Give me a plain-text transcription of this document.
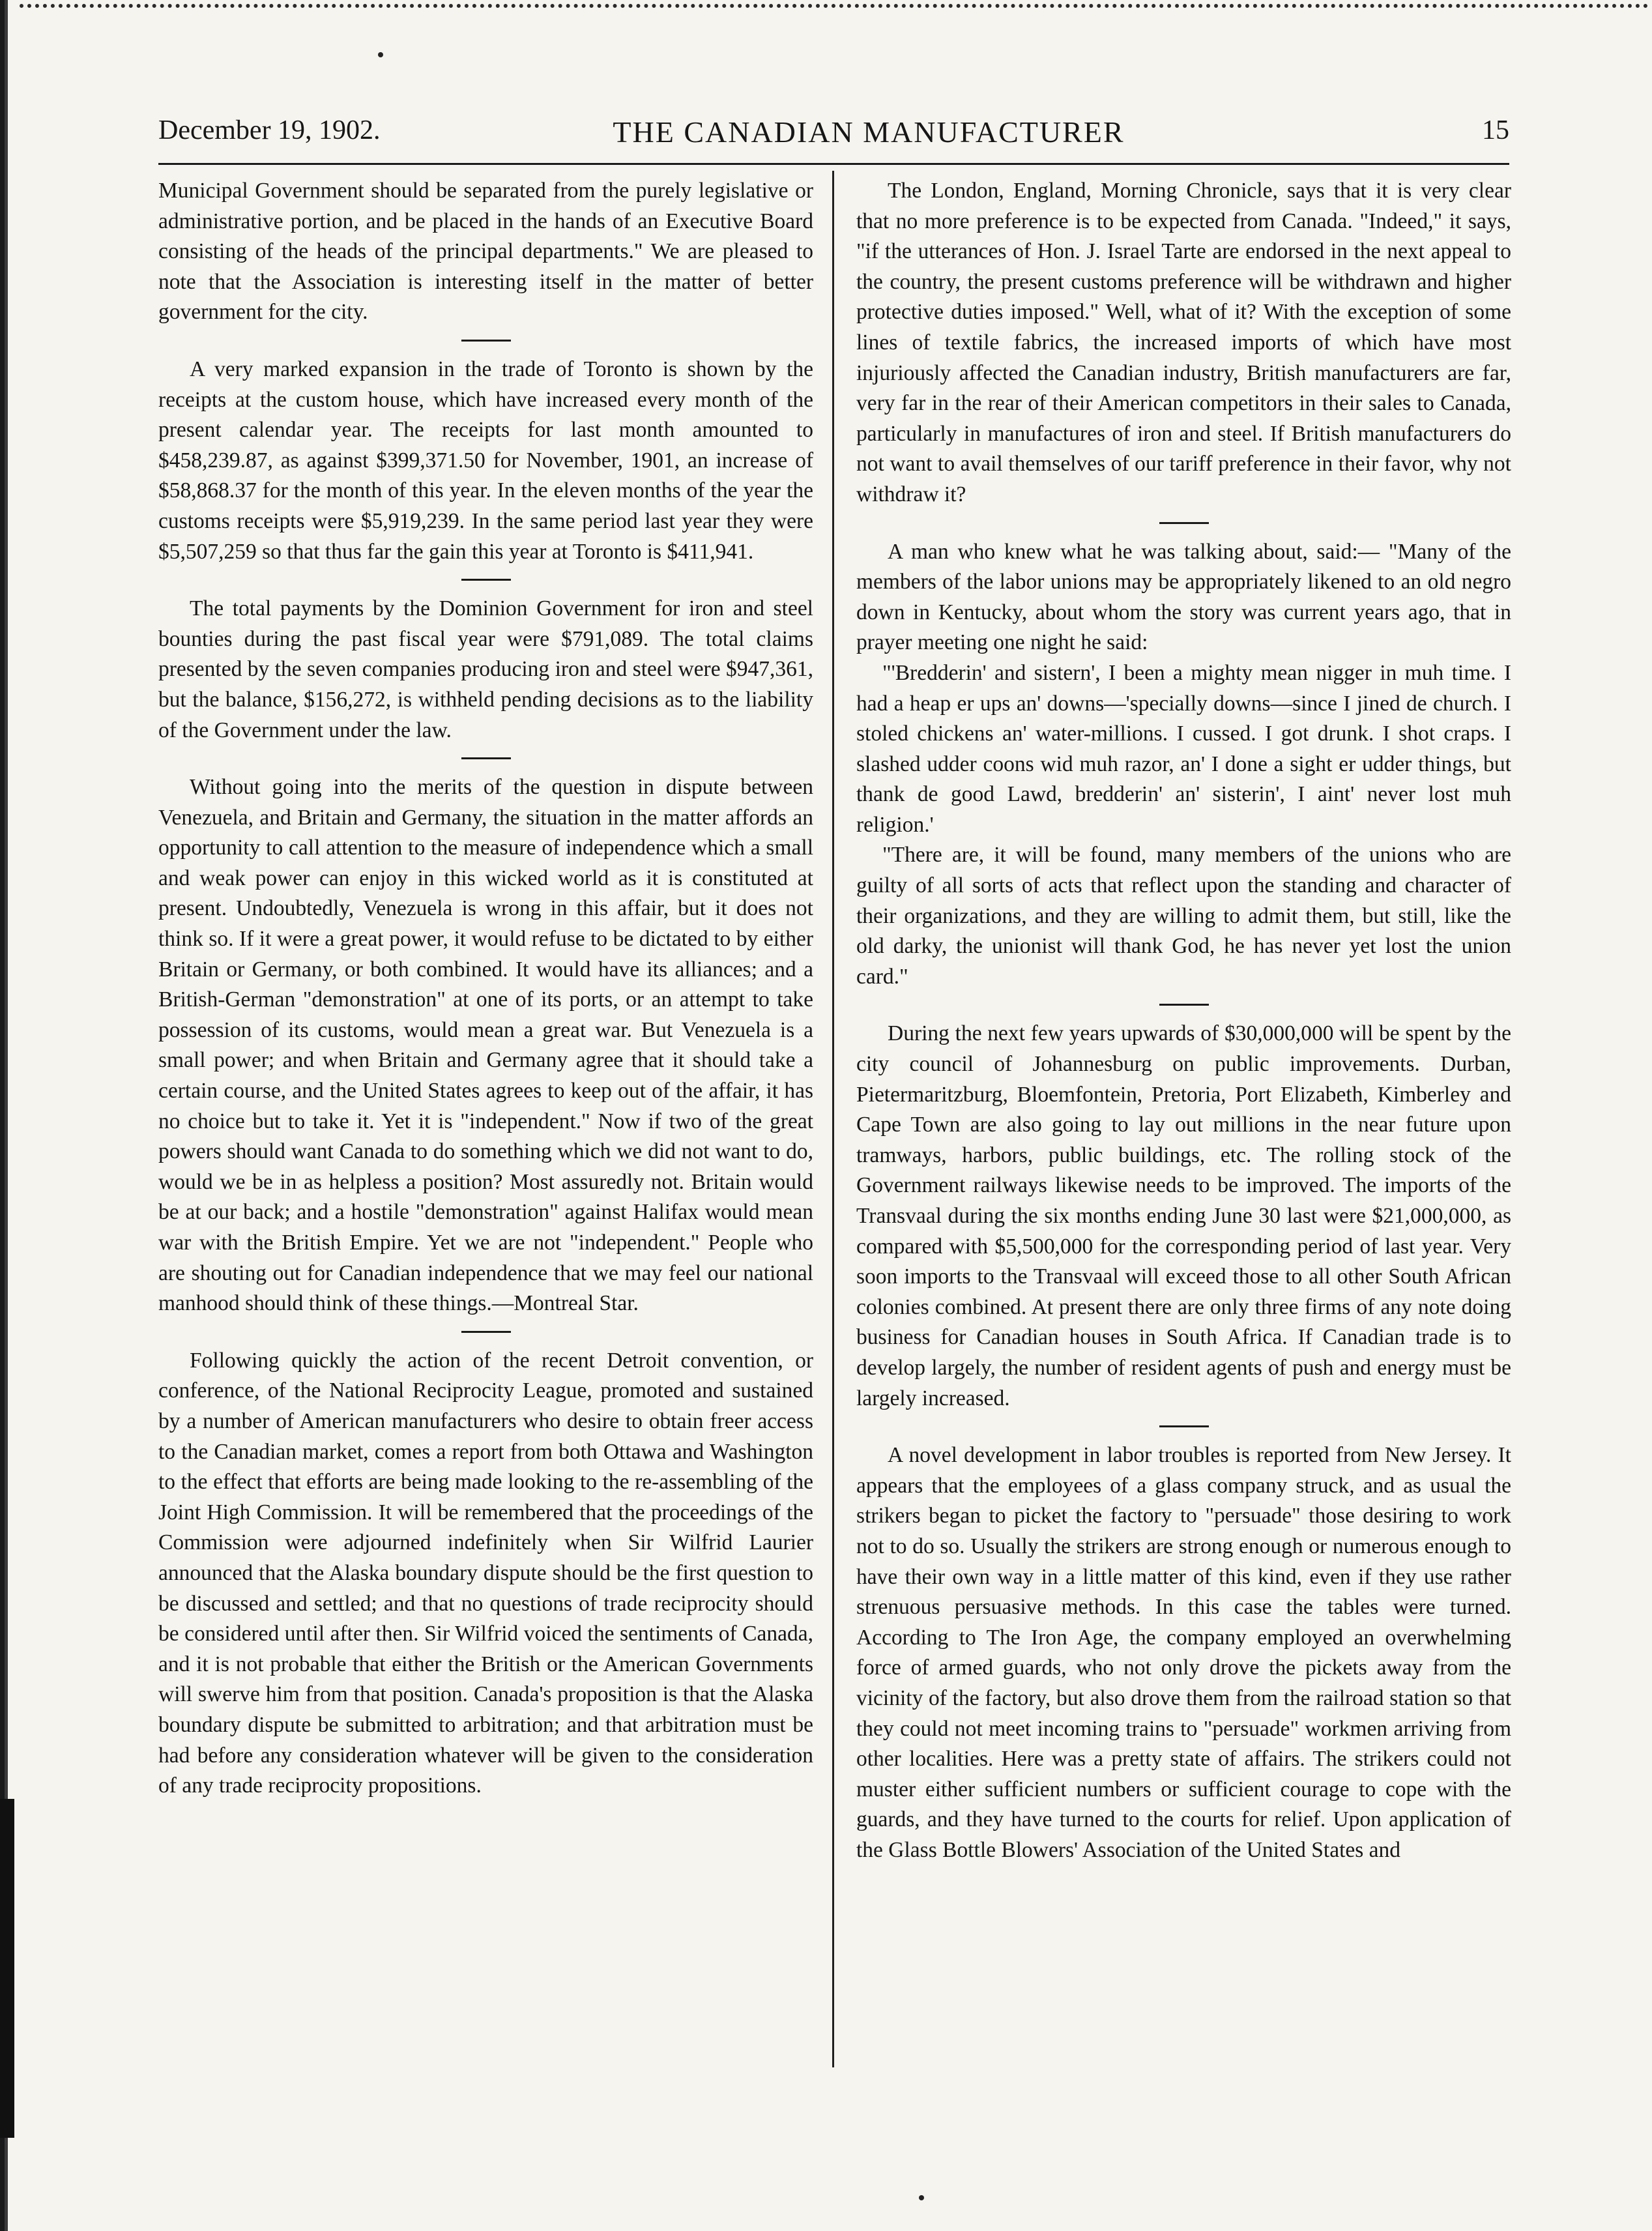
December 19, 1902.	THE CANADIAN MANUFACTURER	15

Municipal Government should be separated from the purely legislative or administrative portion, and be placed in the hands of an Executive Board consisting of the heads of the principal departments." We are pleased to note that the Association is interesting itself in the matter of better government for the city.

A very marked expansion in the trade of Toronto is shown by the receipts at the custom house, which have increased every month of the present calendar year. The receipts for last month amounted to $458,239.87, as against $399,371.50 for November, 1901, an increase of $58,868.37 for the month of this year. In the eleven months of the year the customs receipts were $5,919,239. In the same period last year they were $5,507,259 so that thus far the gain this year at Toronto is $411,941.

The total payments by the Dominion Government for iron and steel bounties during the past fiscal year were $791,089. The total claims presented by the seven companies producing iron and steel were $947,361, but the balance, $156,272, is withheld pending decisions as to the liability of the Government under the law.

Without going into the merits of the question in dispute between Venezuela, and Britain and Germany, the situation in the matter affords an opportunity to call attention to the measure of independence which a small and weak power can enjoy in this wicked world as it is constituted at present. Undoubtedly, Venezuela is wrong in this affair, but it does not think so. If it were a great power, it would refuse to be dictated to by either Britain or Germany, or both combined. It would have its alliances; and a British-German "demonstration" at one of its ports, or an attempt to take possession of its customs, would mean a great war. But Venezuela is a small power; and when Britain and Germany agree that it should take a certain course, and the United States agrees to keep out of the affair, it has no choice but to take it. Yet it is "independent." Now if two of the great powers should want Canada to do something which we did not want to do, would we be in as helpless a position? Most assuredly not. Britain would be at our back; and a hostile "demonstration" against Halifax would mean war with the British Empire. Yet we are not "independent." People who are shouting out for Canadian independence that we may feel our national manhood should think of these things.—Montreal Star.

Following quickly the action of the recent Detroit convention, or conference, of the National Reciprocity League, promoted and sustained by a number of American manufacturers who desire to obtain freer access to the Canadian market, comes a report from both Ottawa and Washington to the effect that efforts are being made looking to the re-assembling of the Joint High Commission. It will be remembered that the proceedings of the Commission were adjourned indefinitely when Sir Wilfrid Laurier announced that the Alaska boundary dispute should be the first question to be discussed and settled; and that no questions of trade reciprocity should be considered until after then. Sir Wilfrid voiced the sentiments of Canada, and it is not probable that either the British or the American Governments will swerve him from that position. Canada's proposition is that the Alaska boundary dispute be submitted to arbitration; and that arbitration must be had before any consideration whatever will be given to the consideration of any trade reciprocity propositions.

The London, England, Morning Chronicle, says that it is very clear that no more preference is to be expected from Canada. "Indeed," it says, "if the utterances of Hon. J. Israel Tarte are endorsed in the next appeal to the country, the present customs preference will be withdrawn and higher protective duties imposed." Well, what of it? With the exception of some lines of textile fabrics, the increased imports of which have most injuriously affected the Canadian industry, British manufacturers are far, very far in the rear of their American competitors in their sales to Canada, particularly in manufactures of iron and steel. If British manufacturers do not want to avail themselves of our tariff preference in their favor, why not withdraw it?

A man who knew what he was talking about, said:— "Many of the members of the labor unions may be appropriately likened to an old negro down in Kentucky, about whom the story was current years ago, that in prayer meeting one night he said:

"'Bredderin' and sistern', I been a mighty mean nigger in muh time. I had a heap er ups an' downs—'specially downs—since I jined de church. I stoled chickens an' water-millions. I cussed. I got drunk. I shot craps. I slashed udder coons wid muh razor, an' I done a sight er udder things, but thank de good Lawd, bredderin' an' sisterin', I aint' never lost muh religion.'

"There are, it will be found, many members of the unions who are guilty of all sorts of acts that reflect upon the standing and character of their organizations, and they are willing to admit them, but still, like the old darky, the unionist will thank God, he has never yet lost the union card."

During the next few years upwards of $30,000,000 will be spent by the city council of Johannesburg on public improvements. Durban, Pietermaritzburg, Bloemfontein, Pretoria, Port Elizabeth, Kimberley and Cape Town are also going to lay out millions in the near future upon tramways, harbors, public buildings, etc. The rolling stock of the Government railways likewise needs to be improved. The imports of the Transvaal during the six months ending June 30 last were $21,000,000, as compared with $5,500,000 for the corresponding period of last year. Very soon imports to the Transvaal will exceed those to all other South African colonies combined. At present there are only three firms of any note doing business for Canadian houses in South Africa. If Canadian trade is to develop largely, the number of resident agents of push and energy must be largely increased.

A novel development in labor troubles is reported from New Jersey. It appears that the employees of a glass company struck, and as usual the strikers began to picket the factory to "persuade" those desiring to work not to do so. Usually the strikers are strong enough or numerous enough to have their own way in a little matter of this kind, even if they use rather strenuous persuasive methods. In this case the tables were turned. According to The Iron Age, the company employed an overwhelming force of armed guards, who not only drove the pickets away from the vicinity of the factory, but also drove them from the railroad station so that they could not meet incoming trains to "persuade" workmen arriving from other localities. Here was a pretty state of affairs. The strikers could not muster either sufficient numbers or sufficient courage to cope with the guards, and they have turned to the courts for relief. Upon application of the Glass Bottle Blowers' Association of the United States and
